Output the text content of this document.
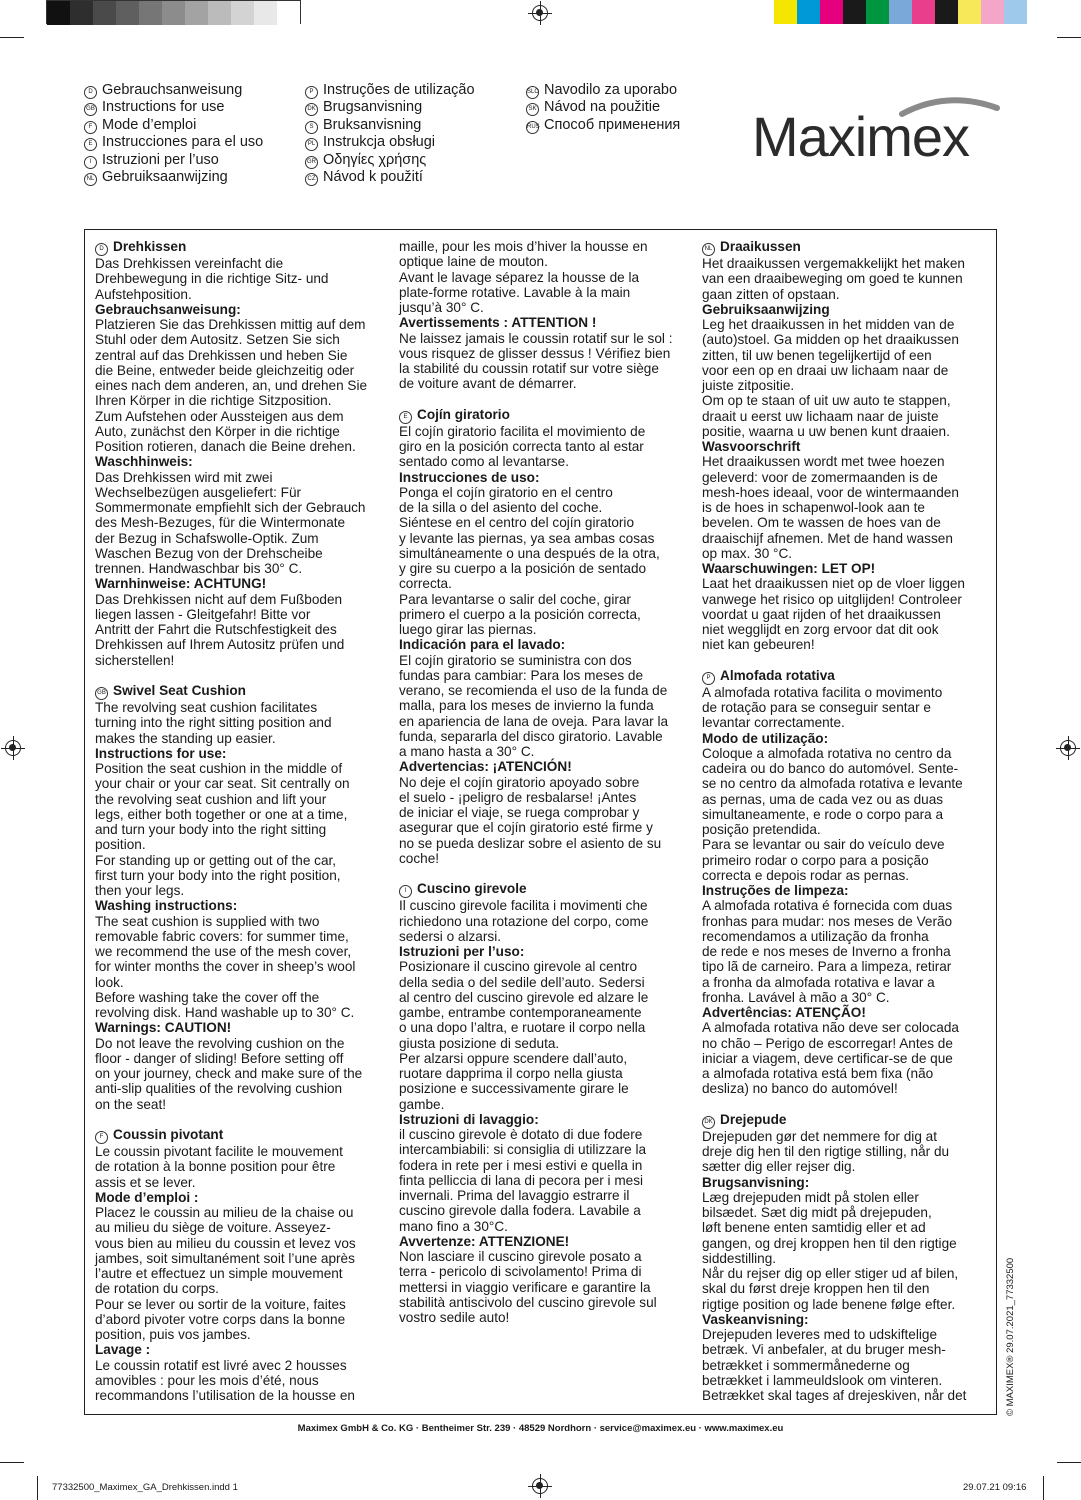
D Gebrauchsanweisung
GB Instructions for use
F Mode d’emploi
E Instrucciones para el uso
I Istruzioni per l’uso
NL Gebruiksaanwijzing
P Instruções de utilização
DK Brugsanvisning
S Bruksanvisning
PL Instrukcja obsługi
GR Οδηγίες χρήσης
CZ Návod k použití
SLO Navodilo za uporabo
SK Návod na použitie
RUS Способ применения Maximex

D Drehkissen

Das Drehkissen vereinfacht die

Drehbewegung in die richtige Sitz- und

Aufstehposition.

Gebrauchsanweisung:

Platzieren Sie das Drehkissen mittig auf dem

Stuhl oder dem Autositz. Setzen Sie sich

zentral auf das Drehkissen und heben Sie

die Beine, entweder beide gleichzeitig oder

eines nach dem anderen, an, und drehen Sie

Ihren Körper in die richtige Sitzposition.

Zum Aufstehen oder Aussteigen aus dem

Auto, zunächst den Körper in die richtige

Position rotieren, danach die Beine drehen.

Waschhinweis:

Das Drehkissen wird mit zwei

Wechselbezügen ausgeliefert: Für

Sommermonate empfiehlt sich der Gebrauch

des Mesh-Bezuges, für die Wintermonate

der Bezug in Schafswolle-Optik. Zum

Waschen Bezug von der Drehscheibe

trennen. Handwaschbar bis 30° C.

Warnhinweise: ACHTUNG!

Das Drehkissen nicht auf dem Fußboden

liegen lassen - Gleitgefahr! Bitte vor

Antritt der Fahrt die Rutschfestigkeit des

Drehkissen auf Ihrem Autositz prüfen und

sicherstellen!

GB Swivel Seat Cushion

The revolving seat cushion facilitates

turning into the right sitting position and

makes the standing up easier.

Instructions for use:

Position the seat cushion in the middle of

your chair or your car seat. Sit centrally on

the revolving seat cushion and lift your

legs, either both together or one at a time,

and turn your body into the right sitting

position.

For standing up or getting out of the car,

first turn your body into the right position,

then your legs.

Washing instructions:

The seat cushion is supplied with two

removable fabric covers: for summer time,

we recommend the use of the mesh cover,

for winter months the cover in sheep’s wool

look.

Before washing take the cover off the

revolving disk. Hand washable up to 30° C.

Warnings: CAUTION!

Do not leave the revolving cushion on the

floor - danger of sliding! Before setting off

on your journey, check and make sure of the

anti-slip qualities of the revolving cushion

on the seat!

F Coussin pivotant

Le coussin pivotant facilite le mouvement

de rotation à la bonne position pour être

assis et se lever.

Mode d’emploi :

Placez le coussin au milieu de la chaise ou

au milieu du siège de voiture. Asseyez-

vous bien au milieu du coussin et levez vos

jambes, soit simultanément soit l’une après

l’autre et effectuez un simple mouvement

de rotation du corps.

Pour se lever ou sortir de la voiture, faites

d’abord pivoter votre corps dans la bonne

position, puis vos jambes.

Lavage :

Le coussin rotatif est livré avec 2 housses

amovibles : pour les mois d’été, nous

recommandons l’utilisation de la housse en

maille, pour les mois d’hiver la housse en

optique laine de mouton.

Avant le lavage séparez la housse de la

plate-forme rotative. Lavable à la main

jusqu’à 30° C.

Avertissements : ATTENTION !

Ne laissez jamais le coussin rotatif sur le sol :

vous risquez de glisser dessus ! Vérifiez bien

la stabilité du coussin rotatif sur votre siège

de voiture avant de démarrer.

E Cojín giratorio

El cojín giratorio facilita el movimiento de

giro en la posición correcta tanto al estar

sentado como al levantarse.

Instrucciones de uso:

Ponga el cojín giratorio en el centro

de la silla o del asiento del coche.

Siéntese en el centro del cojín giratorio

y levante las piernas, ya sea ambas cosas

simultáneamente o una después de la otra,

y gire su cuerpo a la posición de sentado

correcta.

Para levantarse o salir del coche, girar

primero el cuerpo a la posición correcta,

luego girar las piernas.

Indicación para el lavado:

El cojín giratorio se suministra con dos

fundas para cambiar: Para los meses de

verano, se recomienda el uso de la funda de

malla, para los meses de invierno la funda

en apariencia de lana de oveja. Para lavar la

funda, separarla del disco giratorio. Lavable

a mano hasta a 30° C.

Advertencias: ¡ATENCIÓN!

No deje el cojín giratorio apoyado sobre

el suelo - ¡peligro de resbalarse! ¡Antes

de iniciar el viaje, se ruega comprobar y

asegurar que el cojín giratorio esté firme y

no se pueda deslizar sobre el asiento de su

coche!

I Cuscino girevole

Il cuscino girevole facilita i movimenti che

richiedono una rotazione del corpo, come

sedersi o alzarsi.

Istruzioni per l’uso:

Posizionare il cuscino girevole al centro

della sedia o del sedile dell’auto. Sedersi

al centro del cuscino girevole ed alzare le

gambe, entrambe contemporaneamente

o una dopo l’altra, e ruotare il corpo nella

giusta posizione di seduta.

Per alzarsi oppure scendere dall’auto,

ruotare dapprima il corpo nella giusta

posizione e successivamente girare le

gambe.

Istruzioni di lavaggio:

il cuscino girevole è dotato di due fodere

intercambiabili: si consiglia di utilizzare la

fodera in rete per i mesi estivi e quella in

finta pelliccia di lana di pecora per i mesi

invernali. Prima del lavaggio estrarre il

cuscino girevole dalla fodera. Lavabile a

mano fino a 30°C.

Avvertenze: ATTENZIONE!

Non lasciare il cuscino girevole posato a

terra - pericolo di scivolamento! Prima di

mettersi in viaggio verificare e garantire la

stabilità antiscivolo del cuscino girevole sul

vostro sedile auto!

NL Draaikussen

Het draaikussen vergemakkelijkt het maken

van een draaibeweging om goed te kunnen

gaan zitten of opstaan.

Gebruiksaanwijzing

Leg het draaikussen in het midden van de

(auto)stoel. Ga midden op het draaikussen

zitten, til uw benen tegelijkertijd of een

voor een op en draai uw lichaam naar de

juiste zitpositie.

Om op te staan of uit uw auto te stappen,

draait u eerst uw lichaam naar de juiste

positie, waarna u uw benen kunt draaien.

Wasvoorschrift

Het draaikussen wordt met twee hoezen

geleverd: voor de zomermaanden is de

mesh-hoes ideaal, voor de wintermaanden

is de hoes in schapenwol-look aan te

bevelen. Om te wassen de hoes van de

draaischijf afnemen. Met de hand wassen

op max. 30 °C.

Waarschuwingen: LET OP!

Laat het draaikussen niet op de vloer liggen

vanwege het risico op uitglijden! Controleer

voordat u gaat rijden of het draaikussen

niet wegglijdt en zorg ervoor dat dit ook

niet kan gebeuren!

P Almofada rotativa

A almofada rotativa facilita o movimento

de rotação para se conseguir sentar e

levantar correctamente.

Modo de utilização:

Coloque a almofada rotativa no centro da

cadeira ou do banco do automóvel. Sente-

se no centro da almofada rotativa e levante

as pernas, uma de cada vez ou as duas

simultaneamente, e rode o corpo para a

posição pretendida.

Para se levantar ou sair do veículo deve

primeiro rodar o corpo para a posição

correcta e depois rodar as pernas.

Instruções de limpeza:

A almofada rotativa é fornecida com duas

fronhas para mudar: nos meses de Verão

recomendamos a utilização da fronha

de rede e nos meses de Inverno a fronha

tipo lã de carneiro. Para a limpeza, retirar

a fronha da almofada rotativa e lavar a

fronha. Lavável à mão a 30° C.

Advertências: ATENÇÃO!

A almofada rotativa não deve ser colocada

no chão – Perigo de escorregar! Antes de

iniciar a viagem, deve certificar-se de que

a almofada rotativa está bem fixa (não

desliza) no banco do automóvel!

DK Drejepude

Drejepuden gør det nemmere for dig at

dreje dig hen til den rigtige stilling, når du

sætter dig eller rejser dig.

Brugsanvisning:

Læg drejepuden midt på stolen eller

bilsædet. Sæt dig midt på drejepuden,

løft benene enten samtidig eller et ad

gangen, og drej kroppen hen til den rigtige

siddestilling.

Når du rejser dig op eller stiger ud af bilen,

skal du først dreje kroppen hen til den

rigtige position og lade benene følge efter.

Vaskeanvisning:

Drejepuden leveres med to udskiftelige

betræk. Vi anbefaler, at du bruger mesh-

betrækket i sommermånederne og

betrækket i lammeuldslook om vinteren.

Betrækket skal tages af drejeskiven, når det	© MAXIMEX® 29.07.2021_77332500
Maximex GmbH & Co. KG · Bentheimer Str. 239 · 48529 Nordhorn · service@maximex.eu · www.maximex.eu
77332500_Maximex_GA_Drehkissen.indd 1	29.07.21 09:16
